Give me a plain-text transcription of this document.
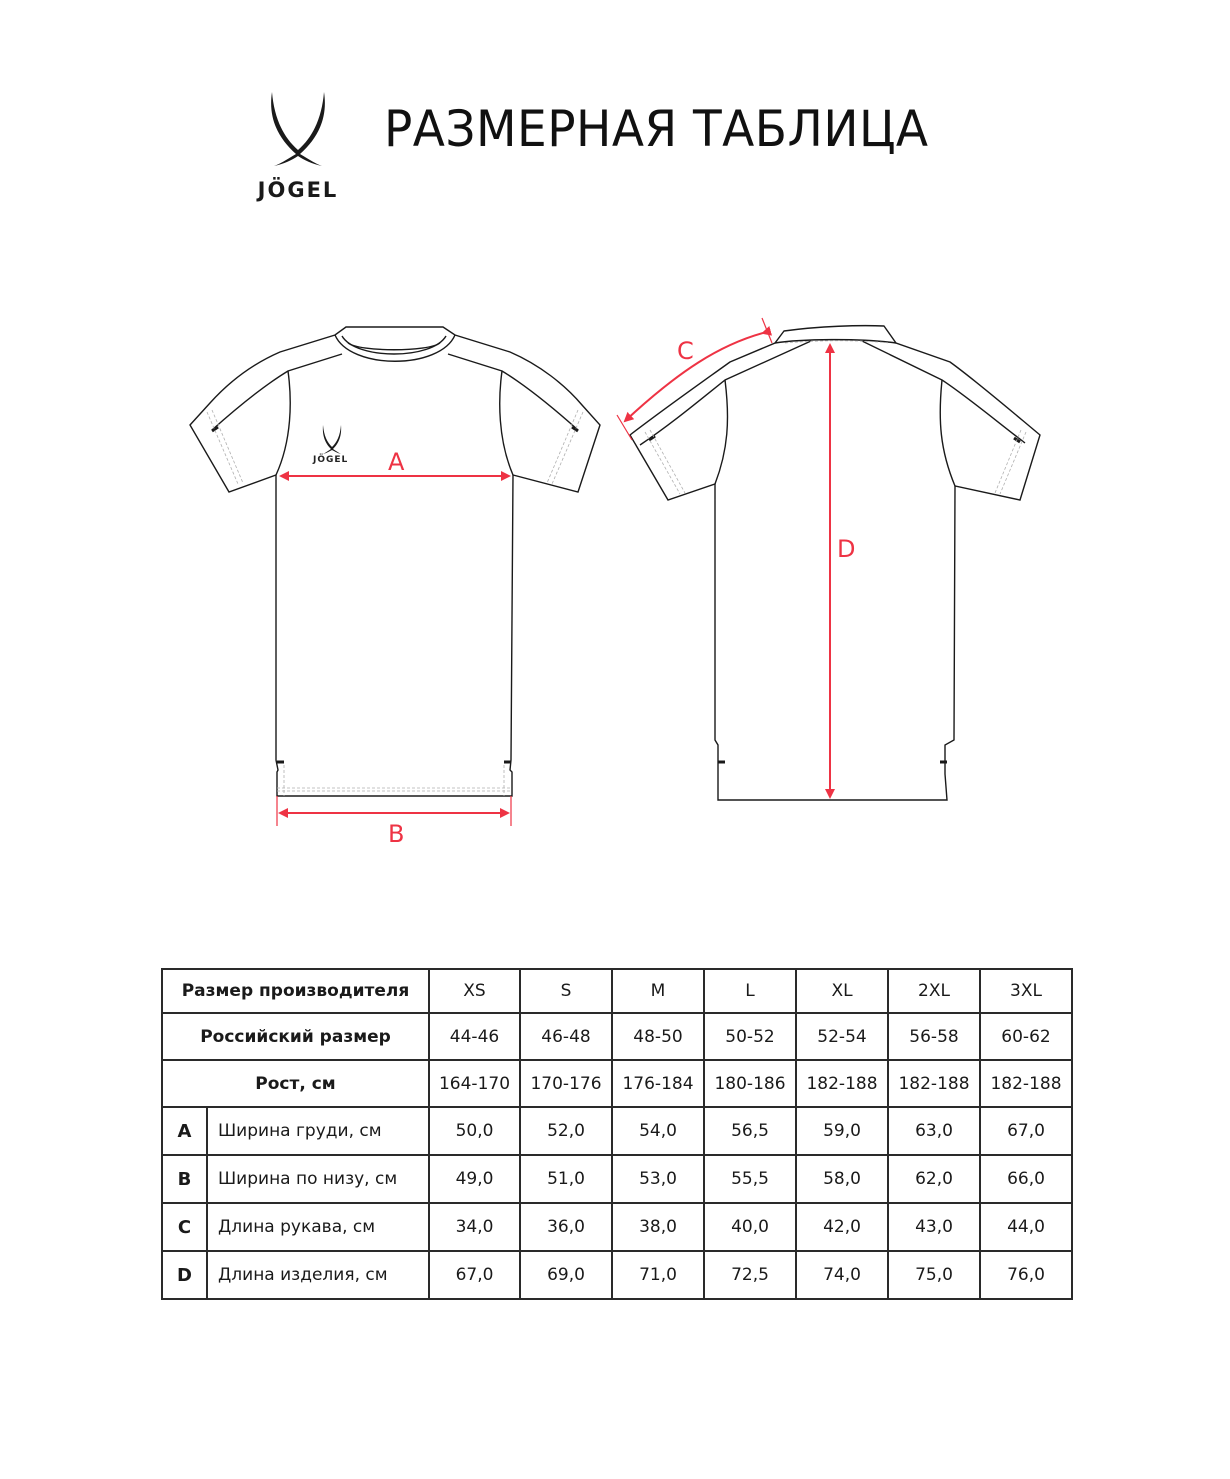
JÖGEL
РАЗМЕРНАЯ ТАБЛИЦА
JÖGEL A
B
C
D
Размер производителя		XS	S	M	L	XL	2XL	3XL
Российский размер		44-46	46-48	48-50	50-52	52-54	56-58	60-62
Рост, см		164-170	170-176	176-184	180-186	182-188	182-188	182-188
A	Ширина груди, см	50,0	52,0	54,0	56,5	59,0	63,0	67,0
B	Ширина по низу, см	49,0	51,0	53,0	55,5	58,0	62,0	66,0
C	Длина рукава, см	34,0	36,0	38,0	40,0	42,0	43,0	44,0
D	Длина изделия, см	67,0	69,0	71,0	72,5	74,0	75,0	76,0
